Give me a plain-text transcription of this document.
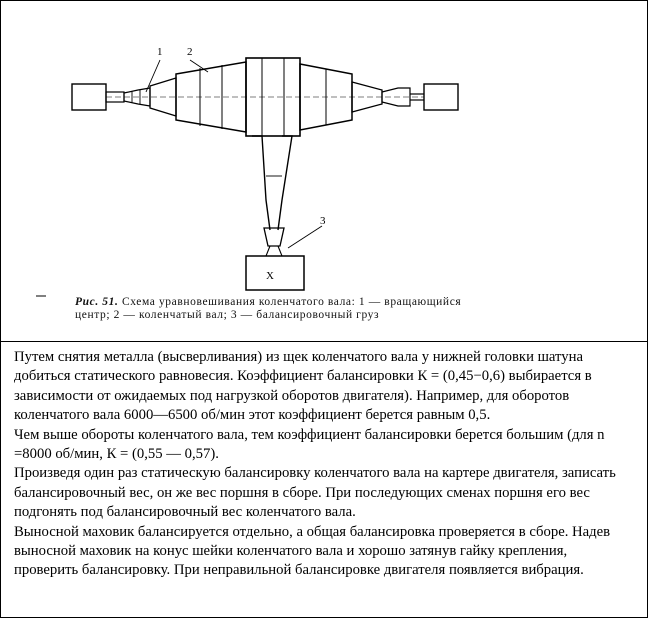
X
1 2
3
Рис. 51. Схема уравновешивания коленчатого вала: 1 — вращающийся центр; 2 — коленчатый вал; 3 — балансировочный груз

Путем снятия металла (высверливания) из щек коленчатого вала у нижней головки шатуна добиться статического равновесия. Коэффициент балансировки К = (0,45−0,6) выбирается в зависимости от ожидаемых под нагрузкой оборотов двигателя). Например, для оборотов коленчатого вала 6000—6500 об/мин этот коэффициент берется равным 0,5.

Чем выше обороты коленчатого вала, тем коэффициент балансировки берется большим (для n =8000 об/мин, К = (0,55 — 0,57).

Произведя один раз статическую балансировку коленчатого вала на картере двигателя, записать балансировочный вес, он же вес поршня в сборе. При последующих сменах поршня его вес подгонять под балансировочный вес коленчатого вала.

Выносной маховик балансируется отдельно, а общая балансировка проверяется в сборе. Надев выносной маховик на конус шейки коленчатого вала и хорошо затянув гайку крепления, проверить балансировку. При неправильной балансировке двигателя появляется вибрация.
